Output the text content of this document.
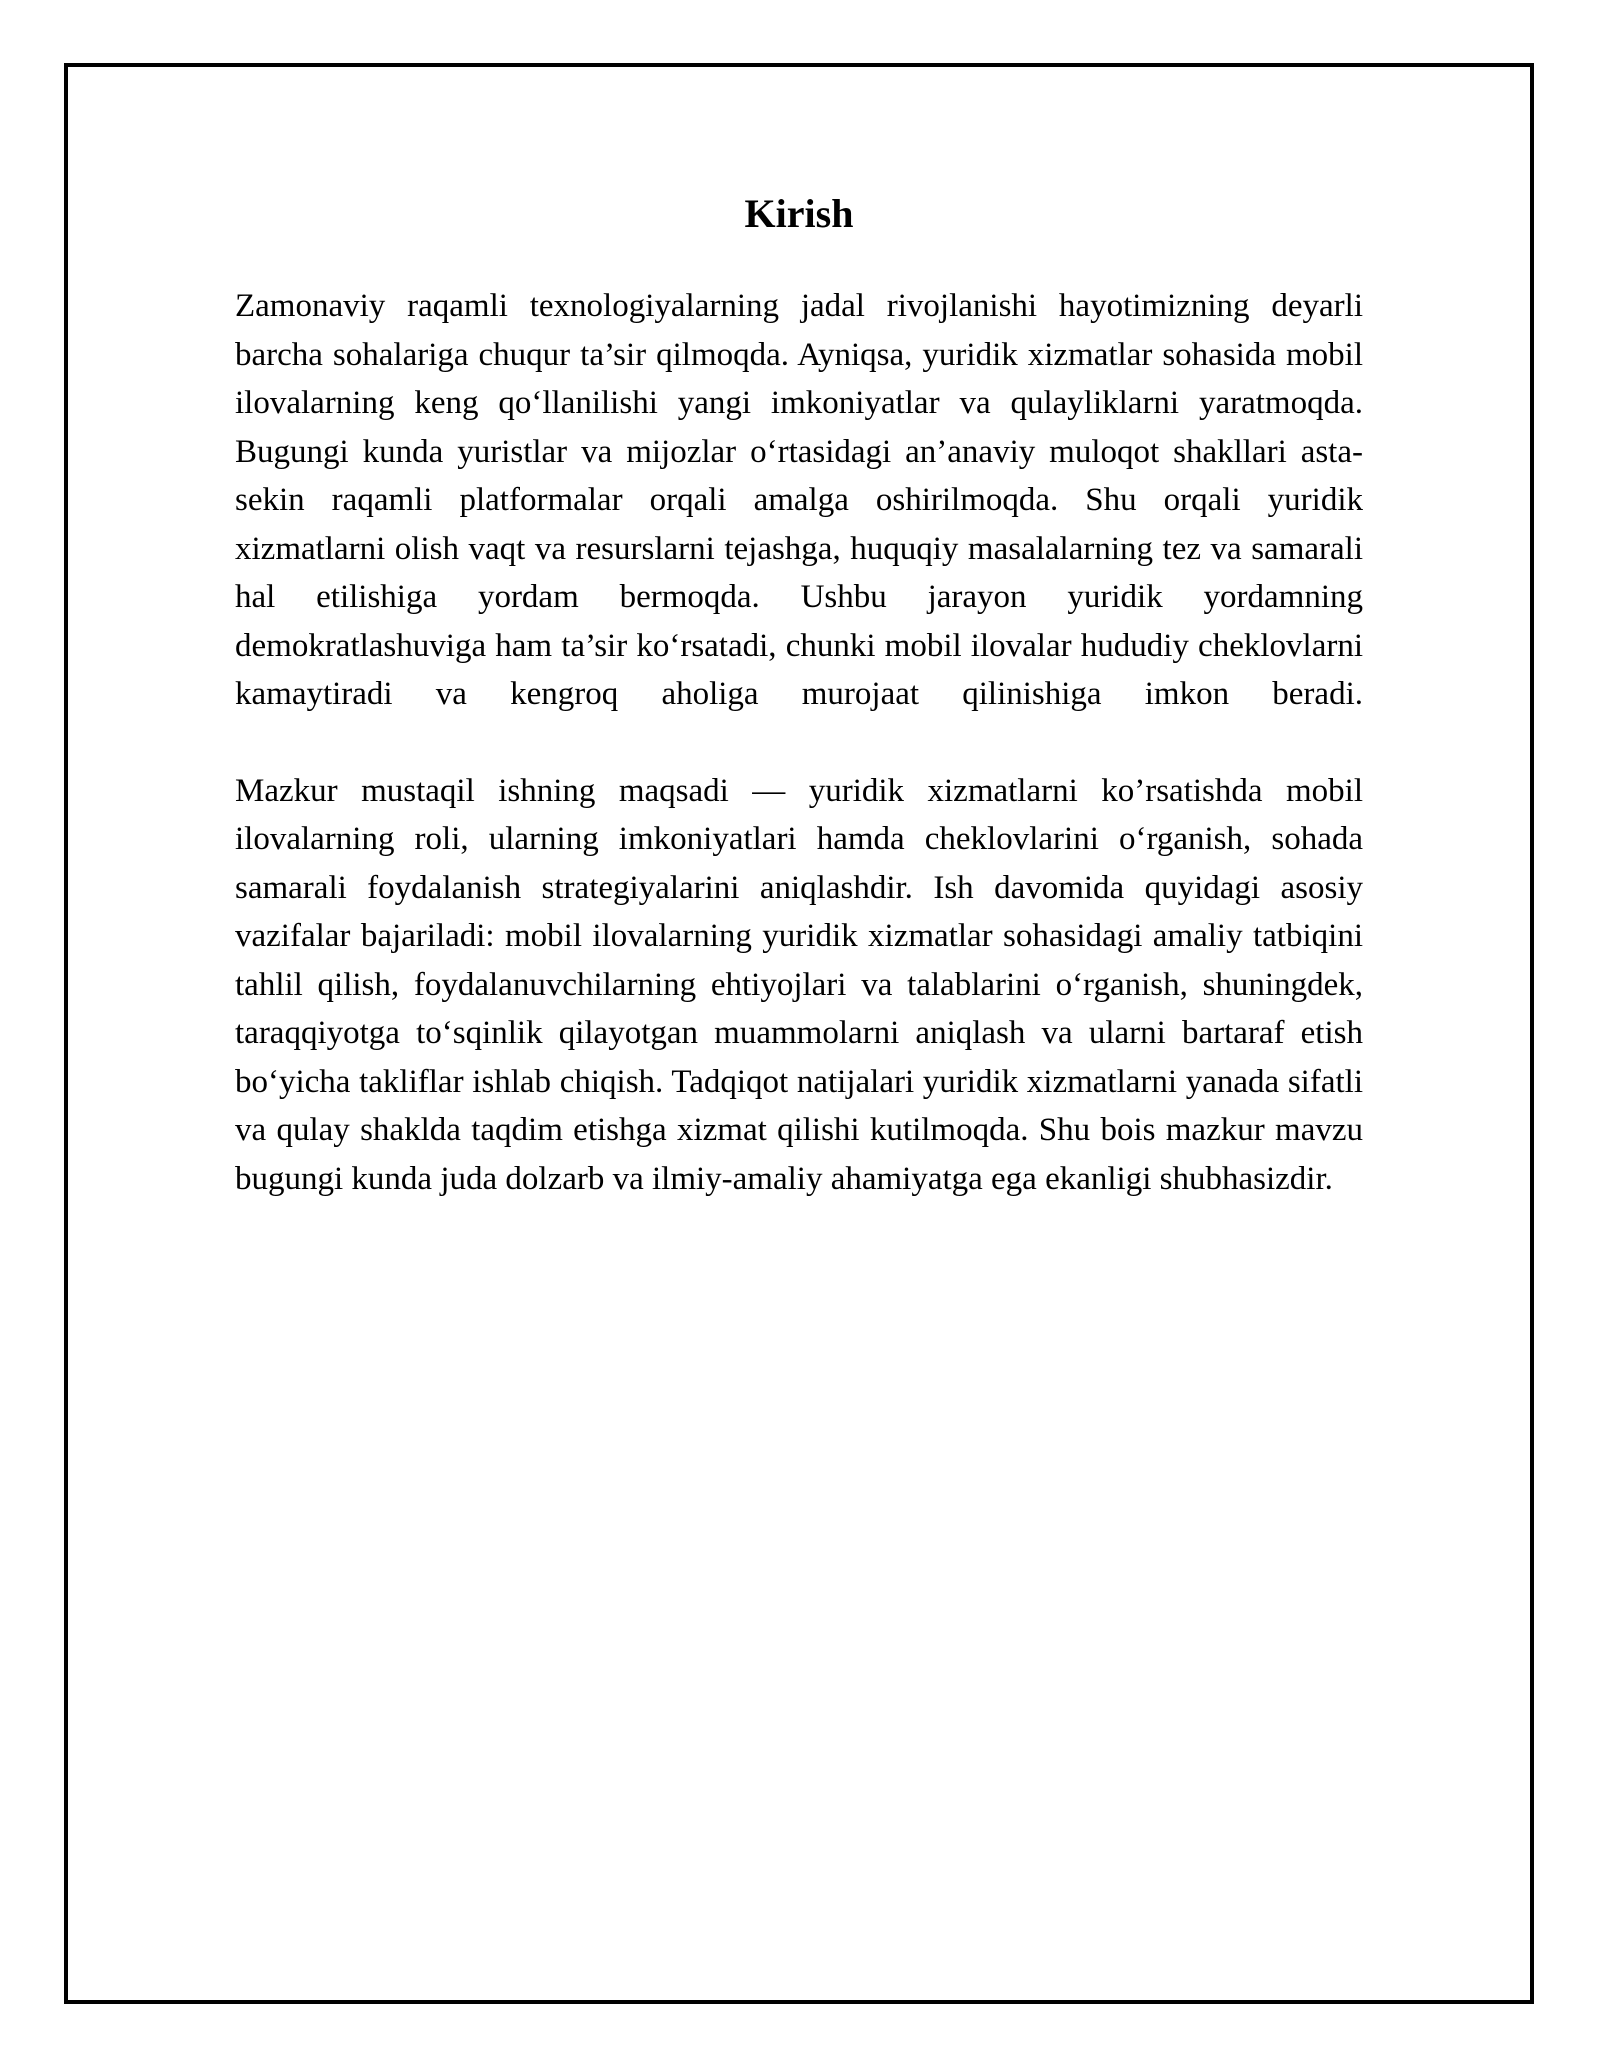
Kirish

Zamonaviy raqamli texnologiyalarning jadal rivojlanishi hayotimizning deyarli barcha sohalariga chuqur ta’sir qilmoqda. Ayniqsa, yuridik xizmatlar sohasida mobil ilovalarning keng qo‘llanilishi yangi imkoniyatlar va qulayliklarni yaratmoqda. Bugungi kunda yuristlar va mijozlar o‘rtasidagi an’anaviy muloqot shakllari asta-sekin raqamli platformalar orqali amalga oshirilmoqda. Shu orqali yuridik xizmatlarni olish vaqt va resurslarni tejashga, huquqiy masalalarning tez va samarali hal etilishiga yordam bermoqda. Ushbu jarayon yuridik yordamning demokratlashuviga ham ta’sir ko‘rsatadi, chunki mobil ilovalar hududiy cheklovlarni kamaytiradi va kengroq aholiga murojaat qilinishiga imkon beradi.

Mazkur mustaqil ishning maqsadi — yuridik xizmatlarni ko’rsatishda mobil ilovalarning roli, ularning imkoniyatlari hamda cheklovlarini o‘rganish, sohada samarali foydalanish strategiyalarini aniqlashdir. Ish davomida quyidagi asosiy vazifalar bajariladi: mobil ilovalarning yuridik xizmatlar sohasidagi amaliy tatbiqini tahlil qilish, foydalanuvchilarning ehtiyojlari va talablarini o‘rganish, shuningdek, taraqqiyotga to‘sqinlik qilayotgan muammolarni aniqlash va ularni bartaraf etish bo‘yicha takliflar ishlab chiqish. Tadqiqot natijalari yuridik xizmatlarni yanada sifatli va qulay shaklda taqdim etishga xizmat qilishi kutilmoqda. Shu bois mazkur mavzu bugungi kunda juda dolzarb va ilmiy-amaliy ahamiyatga ega ekanligi shubhasizdir.
